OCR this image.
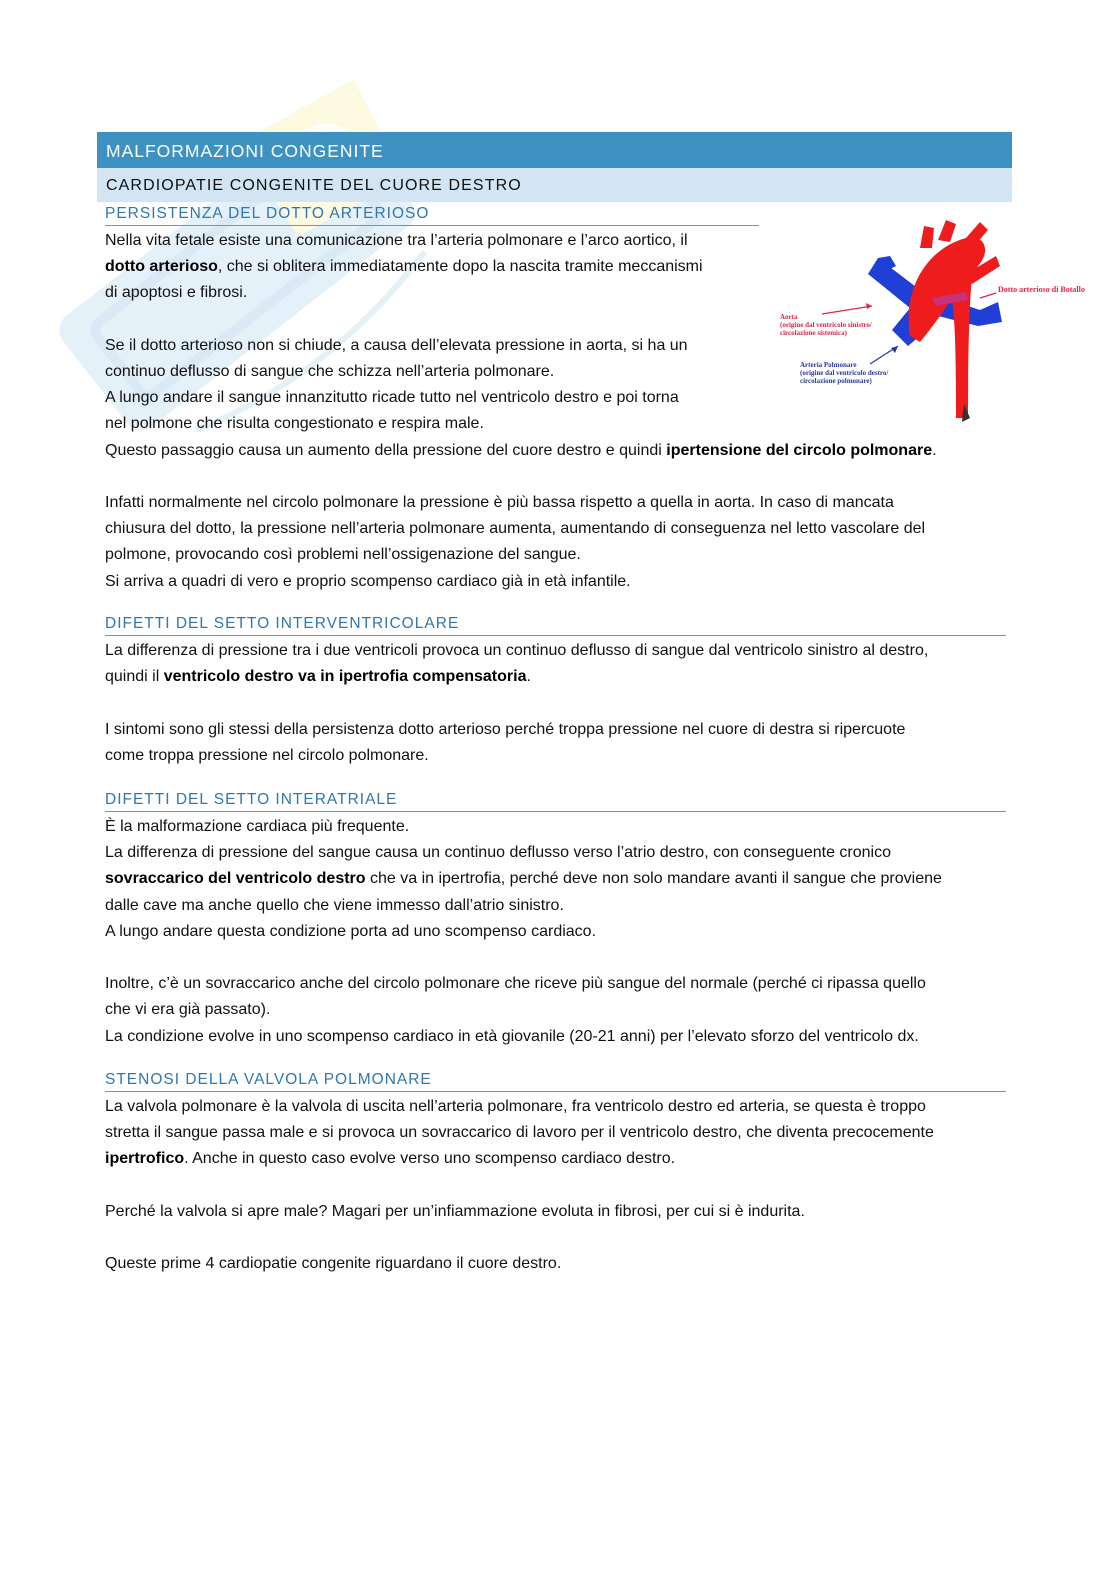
MALFORMAZIONI CONGENITE
CARDIOPATIE CONGENITE DEL CUORE DESTRO
PERSISTENZA DEL DOTTO ARTERIOSO
Nella vita fetale esiste una comunicazione tra l’arteria polmonare e l’arco aortico, il
dotto arterioso, che si oblitera immediatamente dopo la nascita tramite meccanismi
di apoptosi e fibrosi.

Se il dotto arterioso non si chiude, a causa dell’elevata pressione in aorta, si ha un
continuo deflusso di sangue che schizza nell’arteria polmonare.
A lungo andare il sangue innanzitutto ricade tutto nel ventricolo destro e poi torna
nel polmone che risulta congestionato e respira male.
Questo passaggio causa un aumento della pressione del cuore destro e quindi ipertensione del circolo polmonare.

Infatti normalmente nel circolo polmonare la pressione è più bassa rispetto a quella in aorta. In caso di mancata
chiusura del dotto, la pressione nell’arteria polmonare aumenta, aumentando di conseguenza nel letto vascolare del
polmone, provocando così problemi nell’ossigenazione del sangue.
Si arriva a quadri di vero e proprio scompenso cardiaco già in età infantile.
DIFETTI DEL SETTO INTERVENTRICOLARE
La differenza di pressione tra i due ventricoli provoca un continuo deflusso di sangue dal ventricolo sinistro al destro,
quindi il ventricolo destro va in ipertrofia compensatoria.

I sintomi sono gli stessi della persistenza dotto arterioso perché troppa pressione nel cuore di destra si ripercuote
come troppa pressione nel circolo polmonare.
DIFETTI DEL SETTO INTERATRIALE
È la malformazione cardiaca più frequente.
La differenza di pressione del sangue causa un continuo deflusso verso l’atrio destro, con conseguente cronico
sovraccarico del ventricolo destro che va in ipertrofia, perché deve non solo mandare avanti il sangue che proviene
dalle cave ma anche quello che viene immesso dall’atrio sinistro.
A lungo andare questa condizione porta ad uno scompenso cardiaco.

Inoltre, c’è un sovraccarico anche del circolo polmonare che riceve più sangue del normale (perché ci ripassa quello
che vi era già passato).
La condizione evolve in uno scompenso cardiaco in età giovanile (20-21 anni) per l’elevato sforzo del ventricolo dx.
STENOSI DELLA VALVOLA POLMONARE
La valvola polmonare è la valvola di uscita nell’arteria polmonare, fra ventricolo destro ed arteria, se questa è troppo
stretta il sangue passa male e si provoca un sovraccarico di lavoro per il ventricolo destro, che diventa precocemente
ipertrofico. Anche in questo caso evolve verso uno scompenso cardiaco destro.

Perché la valvola si apre male? Magari per un’infiammazione evoluta in fibrosi, per cui si è indurita.

Queste prime 4 cardiopatie congenite riguardano il cuore destro.
Dotto arterioso di Botallo
Aorta
(origine dal ventricolo sinistro/
circolazione sistemica)
Arteria Polmonare
(origine dal ventricolo destro/
circolazione polmonare)
